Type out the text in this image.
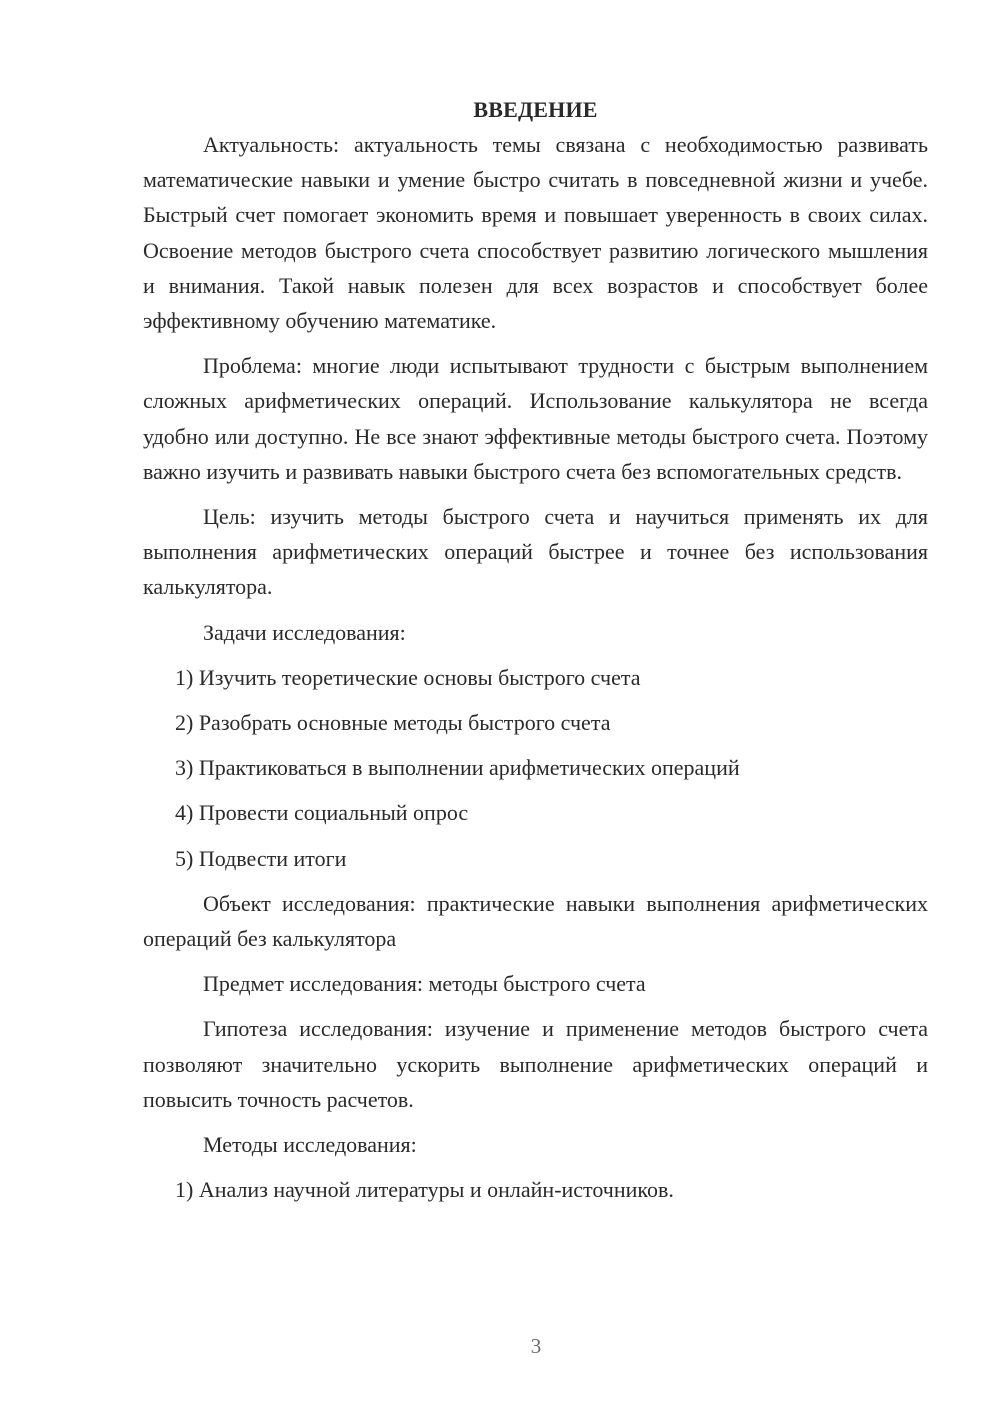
ВВЕДЕНИЕ

Актуальность: актуальность темы связана с необходимостью развивать математические навыки и умение быстро считать в повседневной жизни и учебе. Быстрый счет помогает экономить время и повышает уверенность в своих силах. Освоение методов быстрого счета способствует развитию логического мышления и внимания. Такой навык полезен для всех возрастов и способствует более эффективному обучению математике.

Проблема: многие люди испытывают трудности с быстрым выполнением сложных арифметических операций. Использование калькулятора не всегда удобно или доступно. Не все знают эффективные методы быстрого счета. Поэтому важно изучить и развивать навыки быстрого счета без вспомогательных средств.

Цель: изучить методы быстрого счета и научиться применять их для выполнения арифметических операций быстрее и точнее без использования калькулятора.

Задачи исследования:

1) Изучить теоретические основы быстрого счета

2) Разобрать основные методы быстрого счета

3) Практиковаться в выполнении арифметических операций

4) Провести социальный опрос

5) Подвести итоги

Объект исследования: практические навыки выполнения арифметических операций без калькулятора

Предмет исследования: методы быстрого счета

Гипотеза исследования: изучение и применение методов быстрого счета позволяют значительно ускорить выполнение арифметических операций и повысить точность расчетов.

Методы исследования:

1) Анализ научной литературы и онлайн-источников.

3
